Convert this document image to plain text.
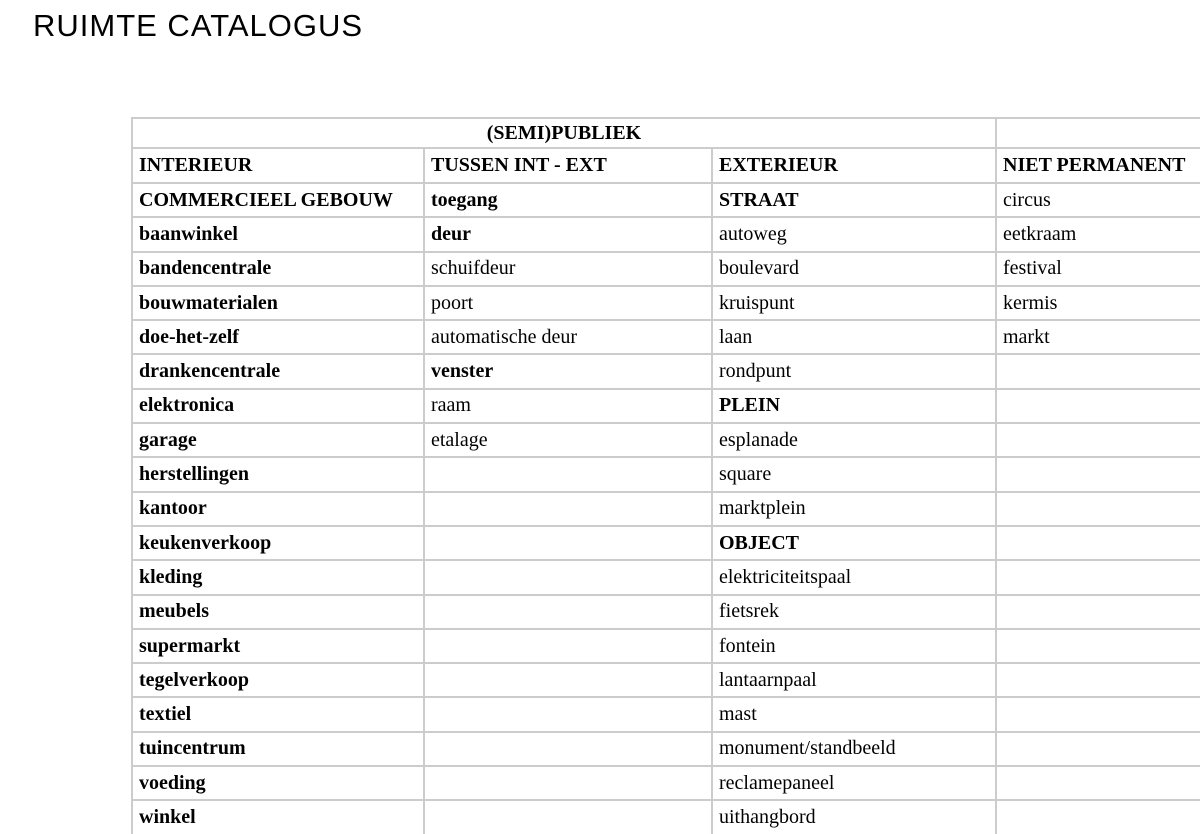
RUIMTE CATALOGUS
(SEMI)PUBLIEK			
INTERIEUR	TUSSEN INT - EXT	EXTERIEUR	NIET PERMANENT
COMMERCIEEL GEBOUW	toegang	STRAAT	circus
baanwinkel	deur	autoweg	eetkraam
bandencentrale	schuifdeur	boulevard	festival
bouwmaterialen	poort	kruispunt	kermis
doe-het-zelf	automatische deur	laan	markt
drankencentrale	venster	rondpunt	
elektronica	raam	PLEIN	
garage	etalage	esplanade	
herstellingen		square	
kantoor		marktplein	
keukenverkoop		OBJECT	
kleding		elektriciteitspaal	
meubels		fietsrek	
supermarkt		fontein	
tegelverkoop		lantaarnpaal	
textiel		mast	
tuincentrum		monument/standbeeld	
voeding		reclamepaneel	
winkel		uithangbord	
